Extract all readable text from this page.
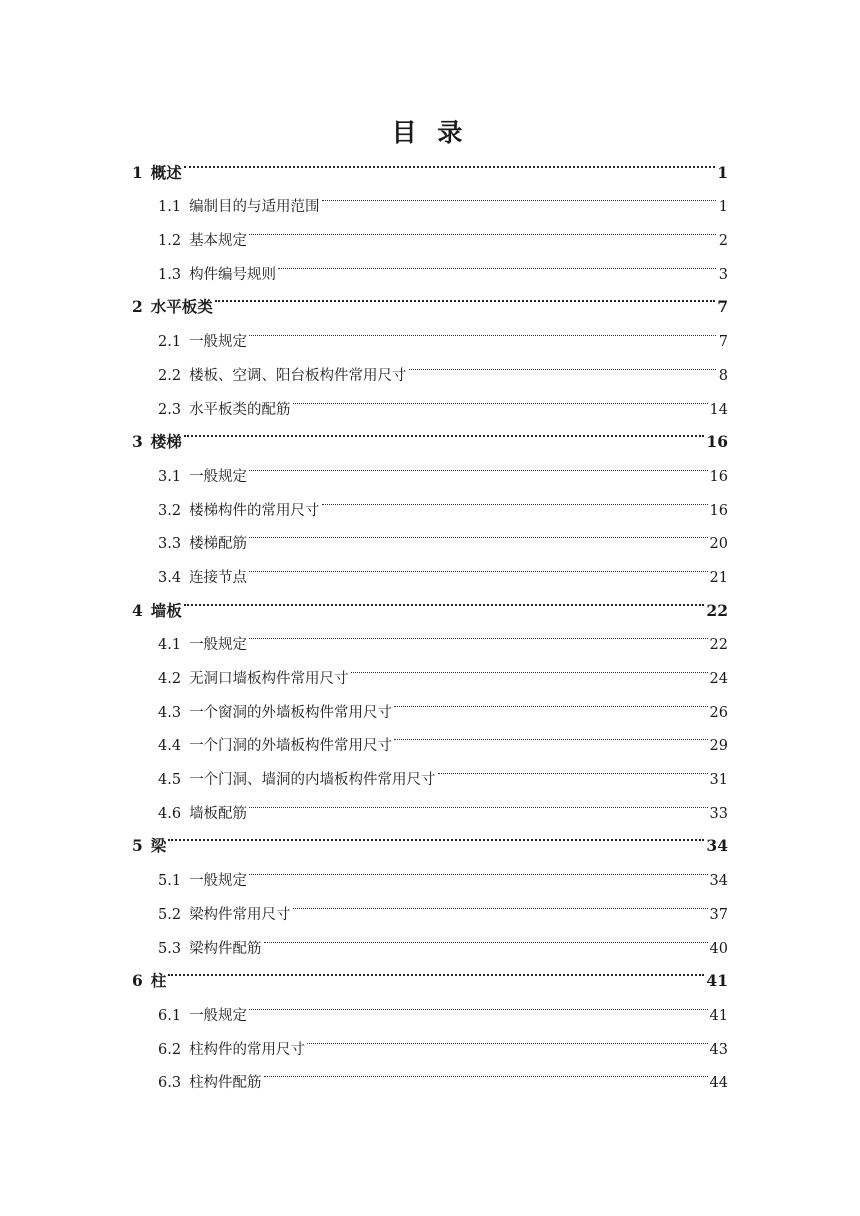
目 录
1 概述	1
1.1 编制目的与适用范围	1
1.2 基本规定	2
1.3 构件编号规则	3
2 水平板类	7
2.1 一般规定	7
2.2 楼板、空调、阳台板构件常用尺寸	8
2.3 水平板类的配筋	14
3 楼梯	16
3.1 一般规定	16
3.2 楼梯构件的常用尺寸	16
3.3 楼梯配筋	20
3.4 连接节点	21
4 墙板	22
4.1 一般规定	22
4.2 无洞口墙板构件常用尺寸	24
4.3 一个窗洞的外墙板构件常用尺寸	26
4.4 一个门洞的外墙板构件常用尺寸	29
4.5 一个门洞、墙洞的内墙板构件常用尺寸	31
4.6 墙板配筋	33
5 梁	34
5.1 一般规定	34
5.2 梁构件常用尺寸	37
5.3 梁构件配筋	40
6 柱	41
6.1 一般规定	41
6.2 柱构件的常用尺寸	43
6.3 柱构件配筋	44
